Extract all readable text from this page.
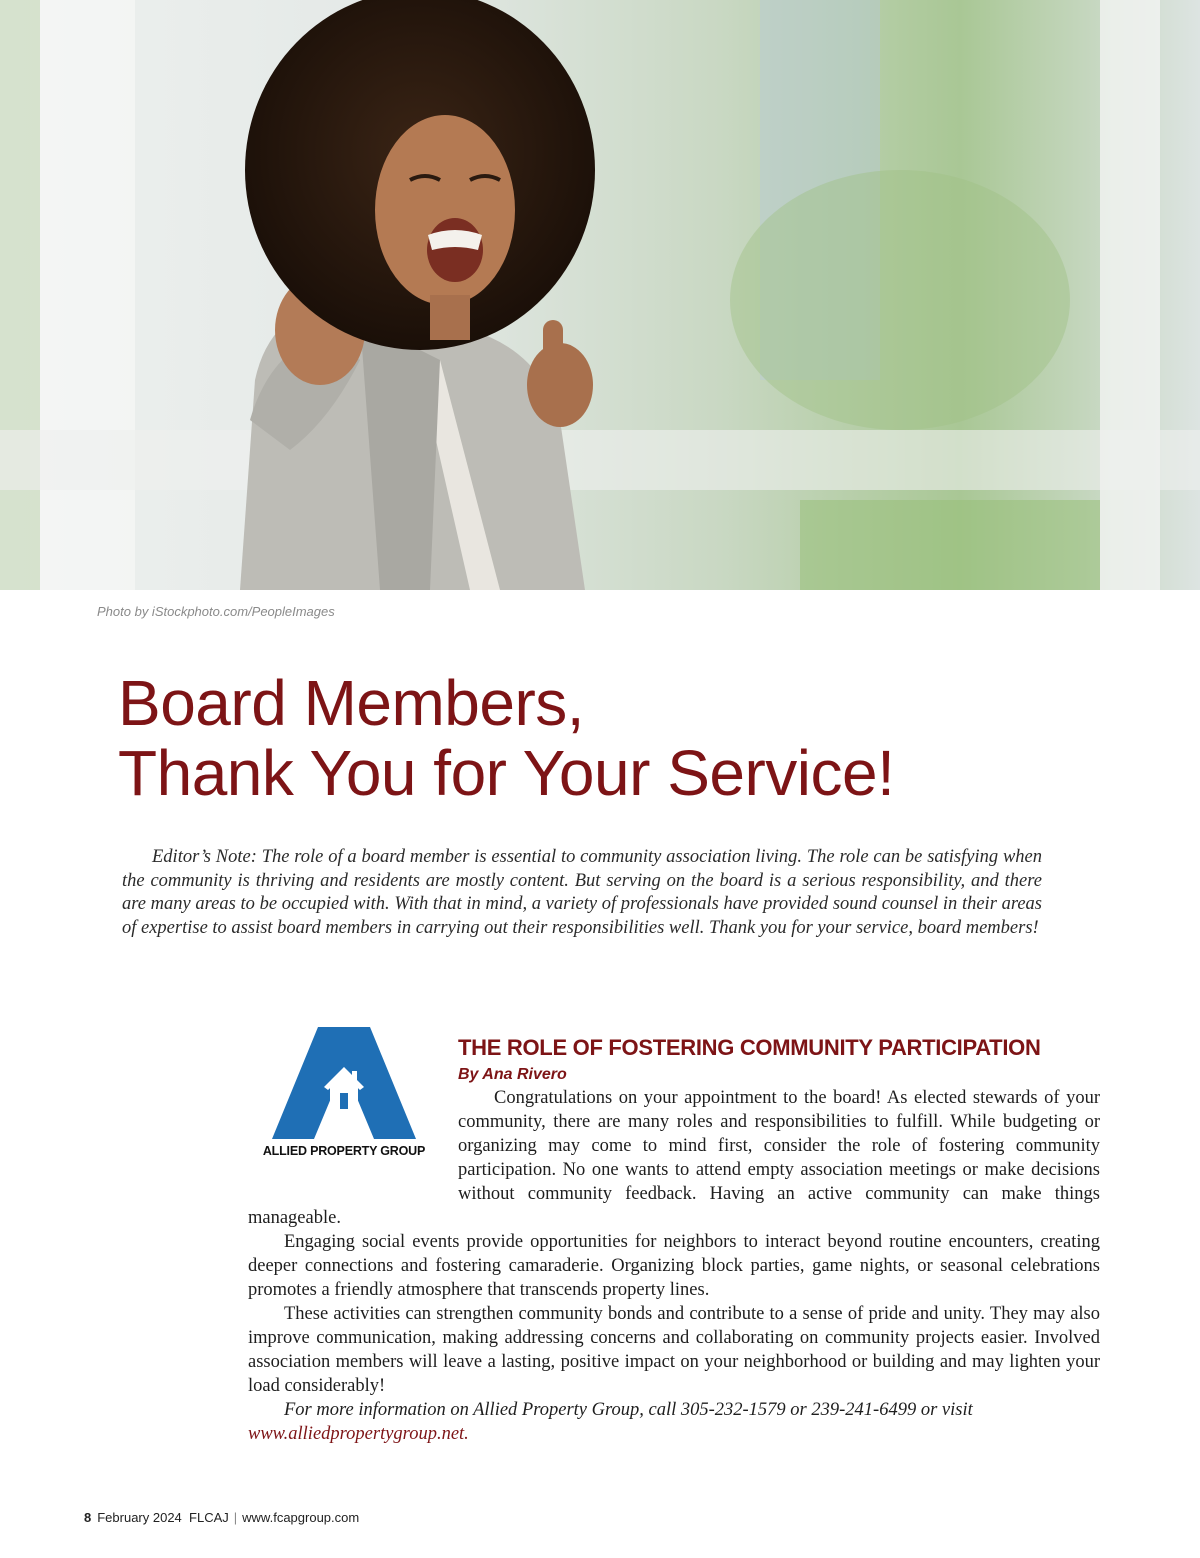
Photo by iStockphoto.com/PeopleImages
Board Members,
Thank You for Your Service!

Editor’s Note: The role of a board member is essential to community association living. The role can be satisfying when the community is thriving and residents are mostly content. But serving on the board is a serious responsibility, and there are many areas to be occupied with. With that in mind, a variety of professionals have provided sound counsel in their areas of expertise to assist board members in carrying out their responsibilities well. Thank you for your service, board members!

ALLIED PROPERTY GROUP
THE ROLE OF FOSTERING COMMUNITY PARTICIPATION
By Ana Rivero

Congratulations on your appointment to the board! As elected stewards of your community, there are many roles and responsibilities to fulfill. While budgeting or organizing may come to mind first, consider the role of fostering community participation. No one wants to attend empty association meetings or make decisions without community feedback. Having an active community can make things manageable.

Engaging social events provide opportunities for neighbors to interact beyond routine encounters, creating deeper connections and fostering camaraderie. Organizing block parties, game nights, or seasonal celebrations promotes a friendly atmosphere that transcends property lines.

These activities can strengthen community bonds and contribute to a sense of pride and unity. They may also improve communication, making addressing concerns and collaborating on community projects easier. Involved association members will leave a lasting, positive impact on your neighborhood or building and may lighten your load considerably!

For more information on Allied Property Group, call 305-232-1579 or 239-241-6499 or visit www.alliedpropertygroup.net.

8 February 2024 FLCAJ | www.fcapgroup.com
